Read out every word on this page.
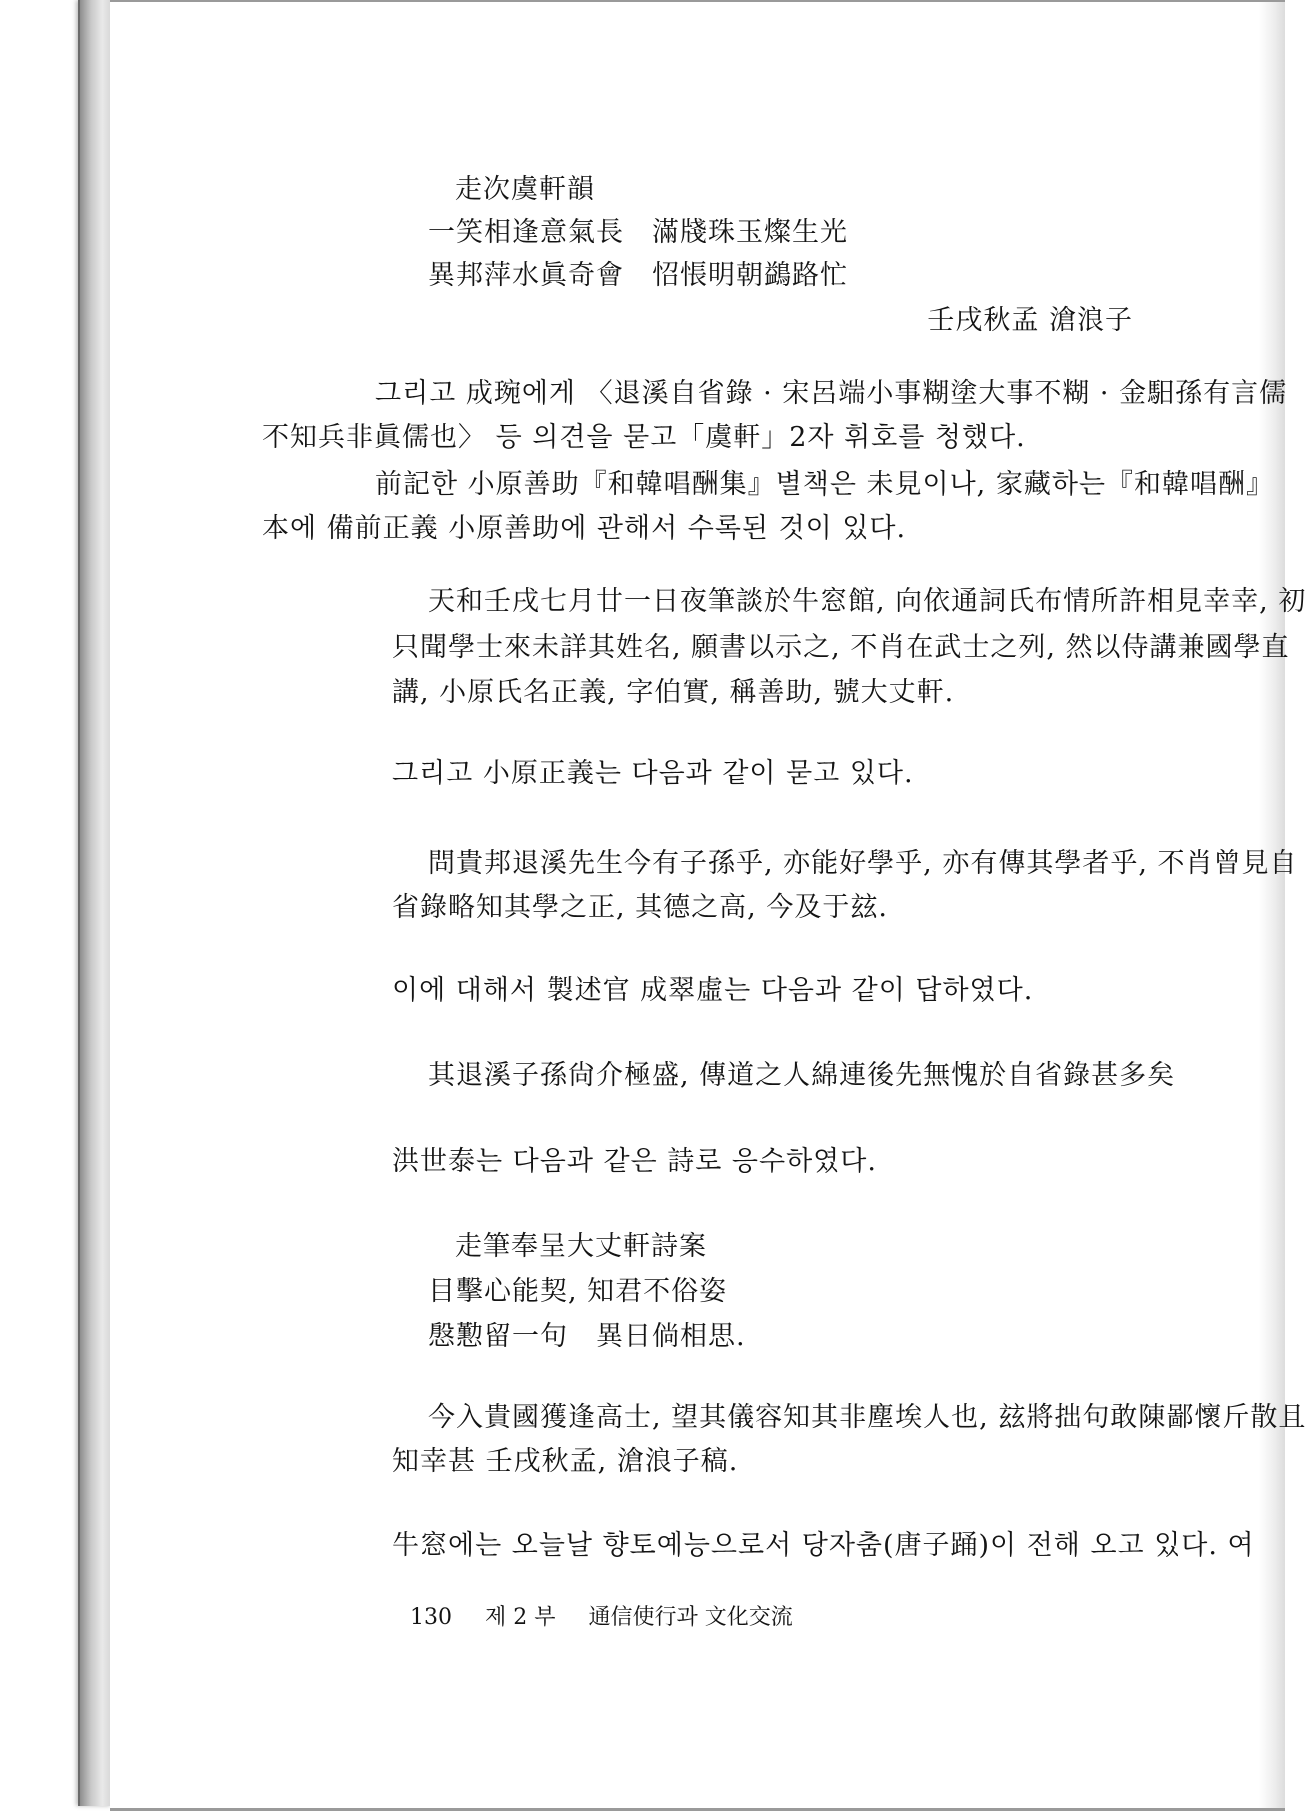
走次虞軒韻

一笑相逢意氣長　滿牋珠玉燦生光

異邦萍水眞奇會　怊悵明朝鷁路忙

壬戌秋孟 滄浪子

그리고 成琬에게 〈退溪自省錄 · 宋呂端小事糊塗大事不糊 · 金馹孫有言儒

不知兵非眞儒也〉 등 의견을 묻고「虞軒」2자 휘호를 청했다.

前記한 小原善助『和韓唱酬集』별책은 未見이나, 家藏하는『和韓唱酬』

本에 備前正義 小原善助에 관해서 수록된 것이 있다.

天和壬戌七月廿一日夜筆談於牛窓館, 向依通詞氏布情所許相見幸幸, 初

只聞學士來未詳其姓名, 願書以示之, 不肖在武士之列, 然以侍講兼國學直

講, 小原氏名正義, 字伯實, 稱善助, 號大丈軒.

그리고 小原正義는 다음과 같이 묻고 있다.

問貴邦退溪先生今有子孫乎, 亦能好學乎, 亦有傳其學者乎, 不肖曾見自

省錄略知其學之正, 其德之高, 今及于玆.

이에 대해서 製述官 成翠虛는 다음과 같이 답하였다.

其退溪子孫尙介極盛, 傳道之人綿連後先無愧於自省錄甚多矣

洪世泰는 다음과 같은 詩로 응수하였다.

走筆奉呈大丈軒詩案

目擊心能契, 知君不俗姿

慇懃留一句　異日倘相思.

今入貴國獲逢高士, 望其儀容知其非塵埃人也, 玆將拙句敢陳鄙懷斤散且

知幸甚 壬戌秋孟, 滄浪子稿.

牛窓에는 오늘날 향토예능으로서 당자춤(唐子踊)이 전해 오고 있다. 여

130 제 2 부 通信使行과 文化交流
